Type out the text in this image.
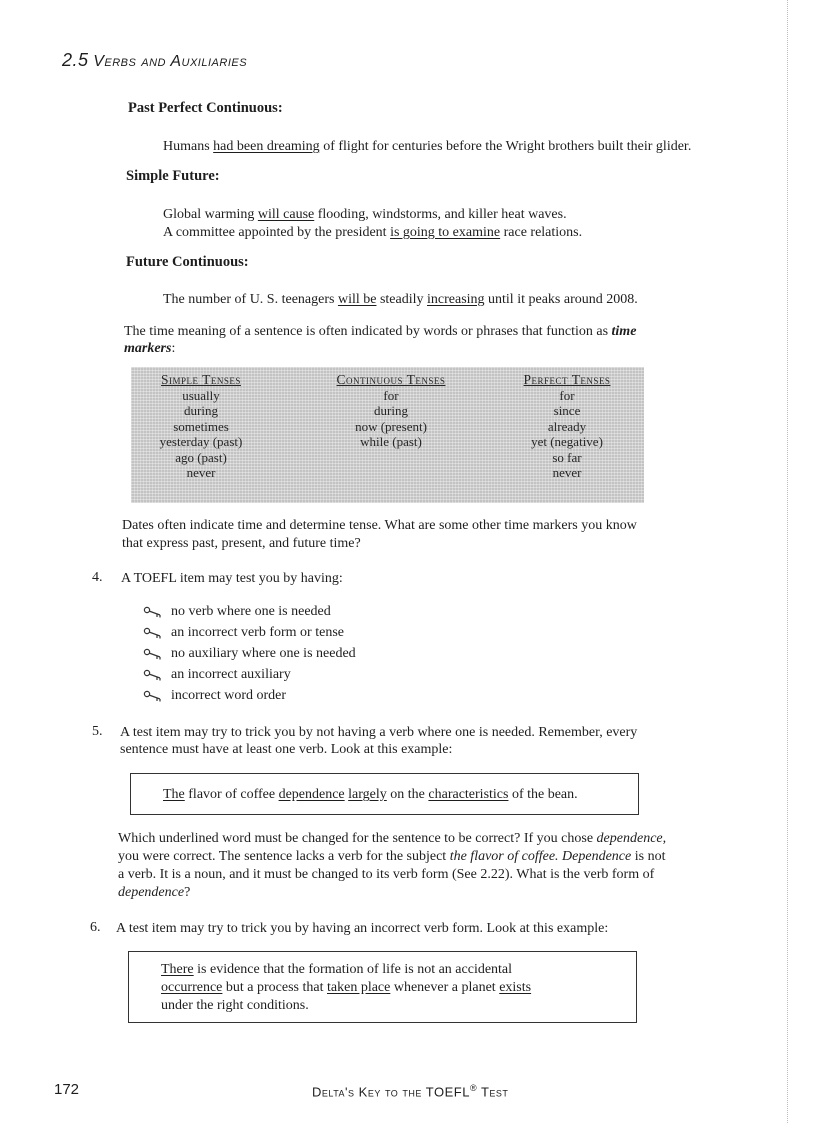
2.5 Verbs and Auxiliaries
Past Perfect Continuous:
Humans had been dreaming of flight for centuries before the Wright brothers built their glider.
Simple Future:
Global warming will cause flooding, windstorms, and killer heat waves.
A committee appointed by the president is going to examine race relations.
Future Continuous:
The number of U. S. teenagers will be steadily increasing until it peaks around 2008.
The time meaning of a sentence is often indicated by words or phrases that function as time
markers:
Simple Tenses
usually
during
sometimes
yesterday (past)
ago (past)
never
Continuous Tenses
for
during
now (present)
while (past)
Perfect Tenses
for
since
already
yet (negative)
so far
never
Dates often indicate time and determine tense. What are some other time markers you know
that express past, present, and future time?
4. A TOEFL item may test you by having:
no verb where one is needed
an incorrect verb form or tense
no auxiliary where one is needed
an incorrect auxiliary
incorrect word order
5. A test item may try to trick you by not having a verb where one is needed. Remember, every
sentence must have at least one verb. Look at this example:
The flavor of coffee dependence largely on the characteristics of the bean.
Which underlined word must be changed for the sentence to be correct? If you chose dependence,
you were correct. The sentence lacks a verb for the subject the flavor of coffee. Dependence is not
a verb. It is a noun, and it must be changed to its verb form (See 2.22). What is the verb form of
dependence?
6. A test item may try to trick you by having an incorrect verb form. Look at this example:
There is evidence that the formation of life is not an accidental
occurrence but a process that taken place whenever a planet exists
under the right conditions.
172	Delta's Key to the TOEFL® Test
